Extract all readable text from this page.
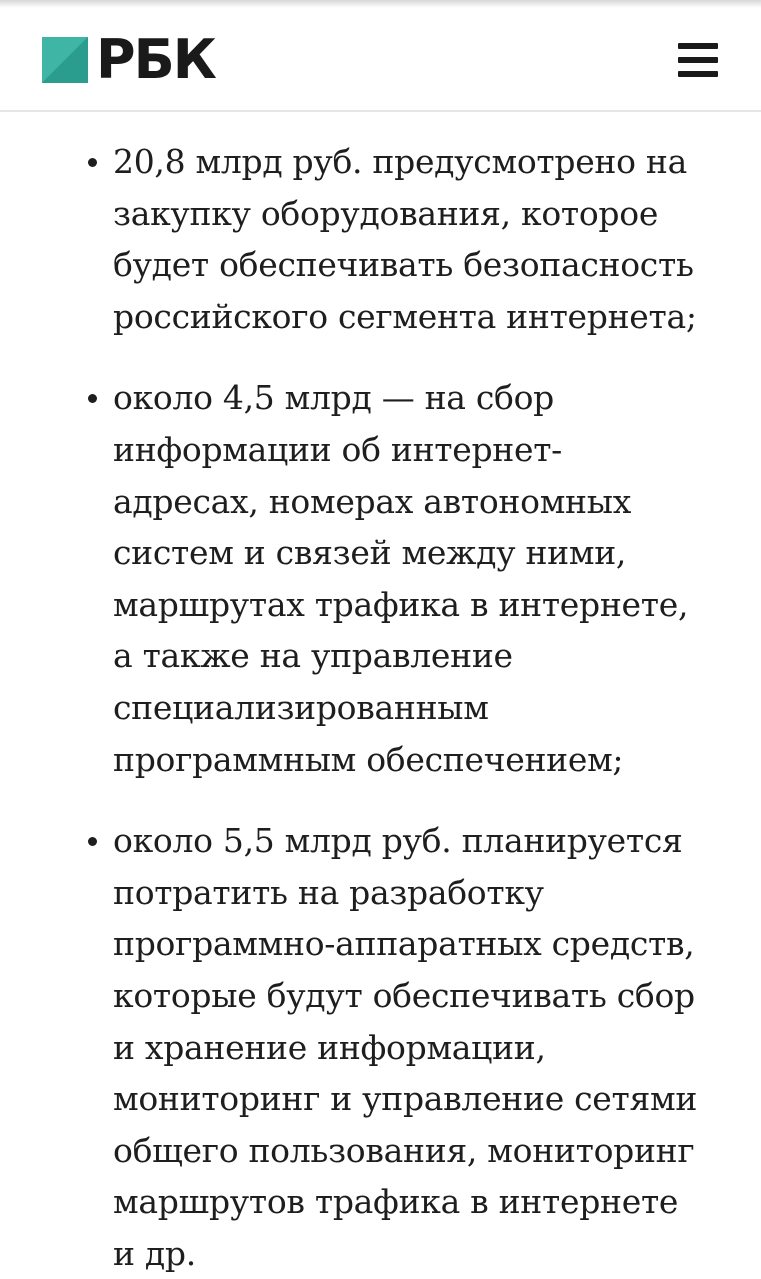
РБК
20,8 млрд руб. предусмотрено на
закупку оборудования, которое
будет обеспечивать безопасность
российского сегмента интернета;
около 4,5 млрд — на сбор
информации об интернет-
адресах, номерах автономных
систем и связей между ними,
маршрутах трафика в интернете,
а также на управление
специализированным
программным обеспечением;
около 5,5 млрд руб. планируется
потратить на разработку
программно-аппаратных средств,
которые будут обеспечивать сбор
и хранение информации,
мониторинг и управление сетями
общего пользования, мониторинг
маршрутов трафика в интернете
и др.
